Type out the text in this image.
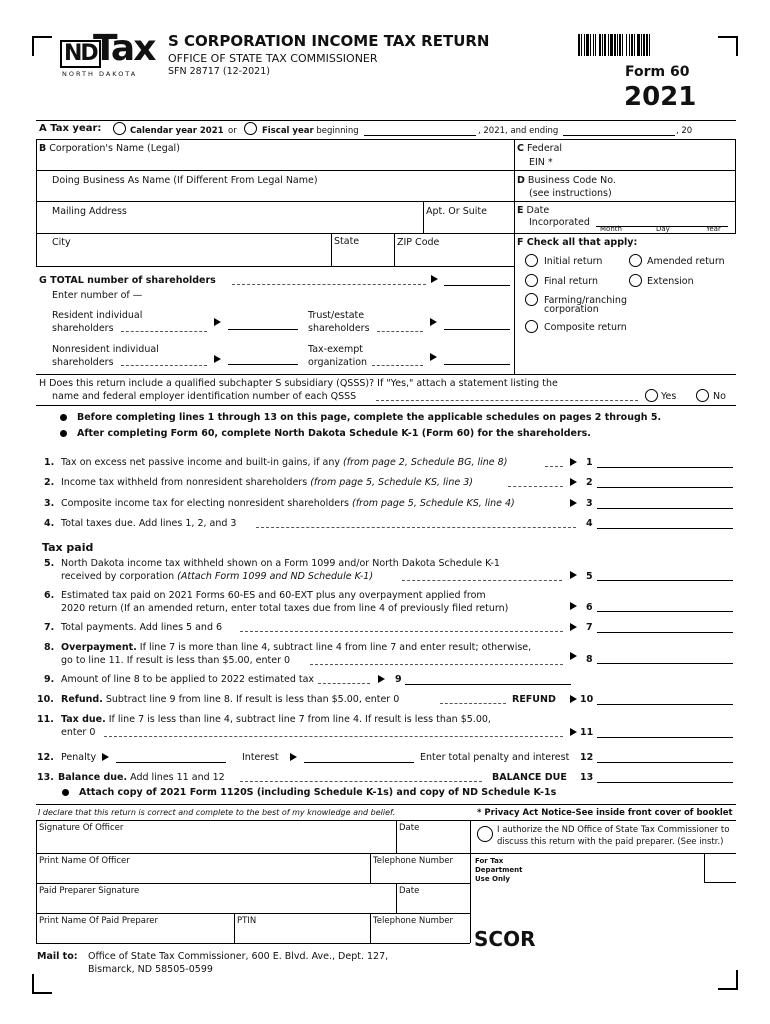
ND
Tax
NORTH DAKOTA
S CORPORATION INCOME TAX RETURN
OFFICE OF STATE TAX COMMISSIONER
SFN 28717 (12-2021)	Form 60
2021
A Tax year:	Calendar year 2021 or	Fiscal year beginning	, 2021, and ending	, 20
B Corporation's Name (Legal)
Doing Business As Name (If Different From Legal Name)
Mailing Address	Apt. Or Suite
City	State	ZIP Code
C Federal
EIN *
D Business Code No.
(see instructions)
E Date
Incorporated
Month	Day	Year
F Check all that apply:
Initial return	Amended return
Final return	Extension
Farming/ranching
corporation
Composite return
G TOTAL number of shareholders
Enter number of —
Resident individual
shareholders
Trust/estate
shareholders
Nonresident individual
shareholders
Tax-exempt
organization
H Does this return include a qualified subchapter S subsidiary (QSSS)? If "Yes," attach a statement listing the
name and federal employer identification number of each QSSS	Yes	No
Before completing lines 1 through 13 on this page, complete the applicable schedules on pages 2 through 5.
After completing Form 60, complete North Dakota Schedule K-1 (Form 60) for the shareholders.
1. Tax on excess net passive income and built-in gains, if any (from page 2, Schedule BG, line 8)	1
2. Income tax withheld from nonresident shareholders (from page 5, Schedule KS, line 3)	2
3. Composite income tax for electing nonresident shareholders (from page 5, Schedule KS, line 4)	3
4. Total taxes due. Add lines 1, 2, and 3	4
Tax paid
5. North Dakota income tax withheld shown on a Form 1099 and/or North Dakota Schedule K-1
received by corporation (Attach Form 1099 and ND Schedule K-1)	5
6. Estimated tax paid on 2021 Forms 60-ES and 60-EXT plus any overpayment applied from
2020 return (If an amended return, enter total taxes due from line 4 of previously filed return)	6
7. Total payments. Add lines 5 and 6	7
8. Overpayment. If line 7 is more than line 4, subtract line 4 from line 7 and enter result; otherwise,
go to line 11. If result is less than $5.00, enter 0	8
9. Amount of line 8 to be applied to 2022 estimated tax	9
10. Refund. Subtract line 9 from line 8. If result is less than $5.00, enter 0	REFUND	10
11. Tax due. If line 7 is less than line 4, subtract line 7 from line 4. If result is less than $5.00,
enter 0	11
12. Penalty	Interest	Enter total penalty and interest 12
13. Balance due. Add lines 11 and 12	BALANCE DUE 13
Attach copy of 2021 Form 1120S (including Schedule K-1s) and copy of ND Schedule K-1s
I declare that this return is correct and complete to the best of my knowledge and belief.	* Privacy Act Notice-See inside front cover of booklet
Signature Of Officer	Date	I authorize the ND Office of State Tax Commissioner to
discuss this return with the paid preparer. (See instr.)
Print Name Of Officer	Telephone Number	For Tax
Department
Use Only
Paid Preparer Signature	Date
Print Name Of Paid Preparer	PTIN	Telephone Number
SCOR
Mail to: Office of State Tax Commissioner, 600 E. Blvd. Ave., Dept. 127,
Bismarck, ND 58505-0599
